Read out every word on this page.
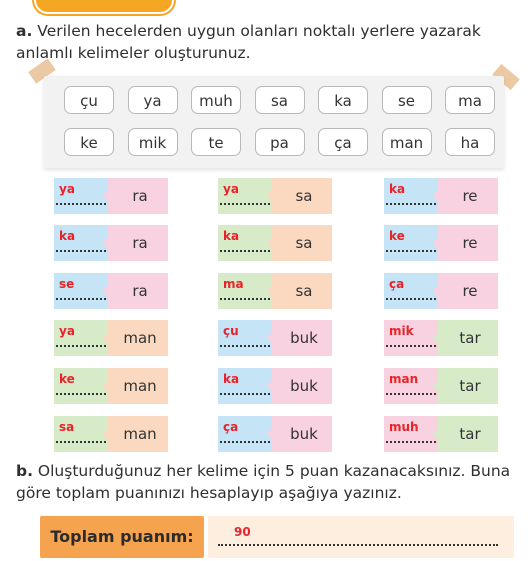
a. Verilen hecelerden uygun olanları noktalı yerlere yazarak anlamlı kelimeler oluşturunuz.
çu	ya	muh	sa	ka	se	ma
ke	mik	te	pa	ça	man	ha
ya	ra	ya	sa	ka	re
ka	ra	ka	sa	ke	re
se	ra	ma	sa	ça	re
ya	man	çu	buk	mik	tar
ke	man	ka	buk	man	tar
sa	man	ça	buk	muh	tar
b. Oluşturduğunuz her kelime için 5 puan kazanacaksınız. Buna göre toplam puanınızı hesaplayıp aşağıya yazınız.
Toplam puanım:	90
